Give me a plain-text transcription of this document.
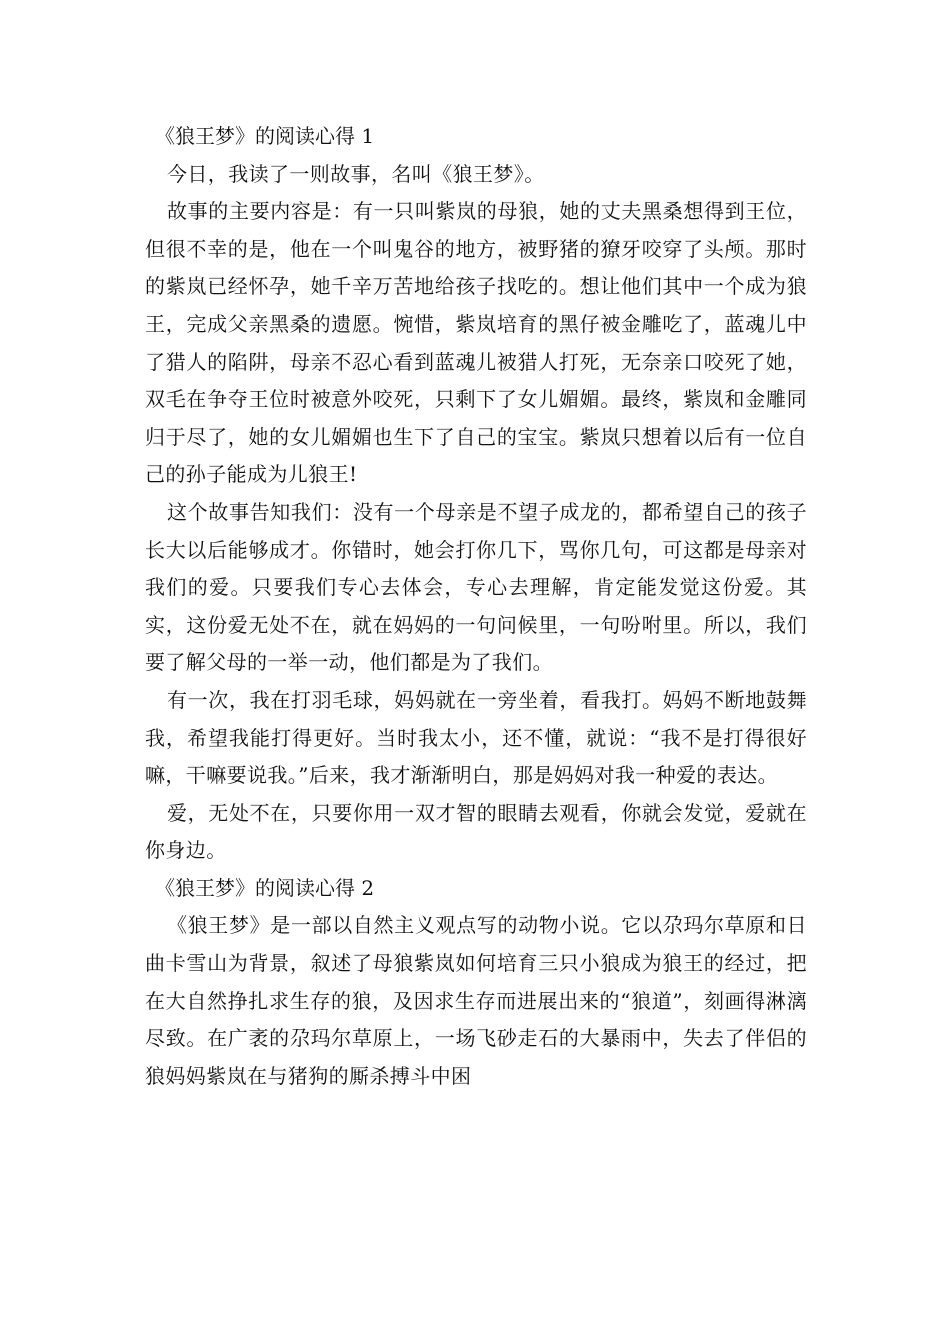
《狼王梦》的阅读心得 1

今日，我读了一则故事，名叫《狼王梦》。

故事的主要内容是：有一只叫紫岚的母狼，她的丈夫黑桑想得到王位，但很不幸的是，他在一个叫鬼谷的地方，被野猪的獠牙咬穿了头颅。那时的紫岚已经怀孕，她千辛万苦地给孩子找吃的。想让他们其中一个成为狼王，完成父亲黑桑的遗愿。惋惜，紫岚培育的黑仔被金雕吃了，蓝魂儿中了猎人的陷阱，母亲不忍心看到蓝魂儿被猎人打死，无奈亲口咬死了她，双毛在争夺王位时被意外咬死，只剩下了女儿媚媚。最终，紫岚和金雕同归于尽了，她的女儿媚媚也生下了自己的宝宝。紫岚只想着以后有一位自己的孙子能成为儿狼王!

这个故事告知我们：没有一个母亲是不望子成龙的，都希望自己的孩子长大以后能够成才。你错时，她会打你几下，骂你几句，可这都是母亲对我们的爱。只要我们专心去体会，专心去理解，肯定能发觉这份爱。其实，这份爱无处不在，就在妈妈的一句问候里，一句吩咐里。所以，我们要了解父母的一举一动，他们都是为了我们。

有一次，我在打羽毛球，妈妈就在一旁坐着，看我打。妈妈不断地鼓舞我，希望我能打得更好。当时我太小，还不懂，就说：“我不是打得很好嘛，干嘛要说我。”后来，我才渐渐明白，那是妈妈对我一种爱的表达。

爱，无处不在，只要你用一双才智的眼睛去观看，你就会发觉，爱就在你身边。

《狼王梦》的阅读心得 2

《狼王梦》是一部以自然主义观点写的动物小说。它以尕玛尔草原和日曲卡雪山为背景，叙述了母狼紫岚如何培育三只小狼成为狼王的经过，把在大自然挣扎求生存的狼，及因求生存而进展出来的“狼道”，刻画得淋漓尽致。在广袤的尕玛尔草原上，一场飞砂走石的大暴雨中，失去了伴侣的狼妈妈紫岚在与猪狗的厮杀搏斗中困
